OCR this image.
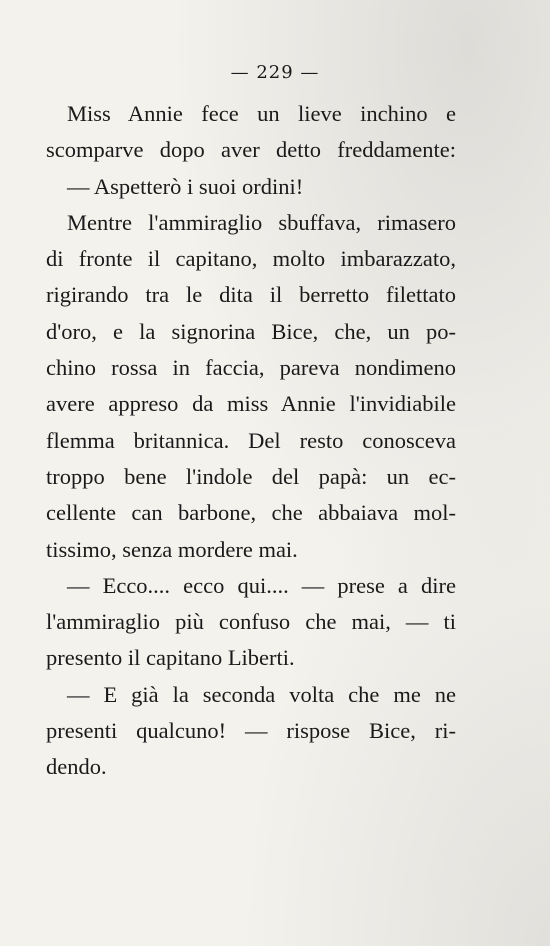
— 229 —
Miss Annie fece un lieve inchino e
scomparve dopo aver detto freddamente:
— Aspetterò i suoi ordini!
Mentre l'ammiraglio sbuffava, rimasero
di fronte il capitano, molto imbarazzato,
rigirando tra le dita il berretto filettato
d'oro, e la signorina Bice, che, un po-
chino rossa in faccia, pareva nondimeno
avere appreso da miss Annie l'invidiabile
flemma britannica. Del resto conosceva
troppo bene l'indole del papà: un ec-
cellente can barbone, che abbaiava mol-
tissimo, senza mordere mai.
— Ecco.... ecco qui.... — prese a dire
l'ammiraglio più confuso che mai, — ti
presento il capitano Liberti.
— E già la seconda volta che me ne
presenti qualcuno! — rispose Bice, ri-
dendo.
